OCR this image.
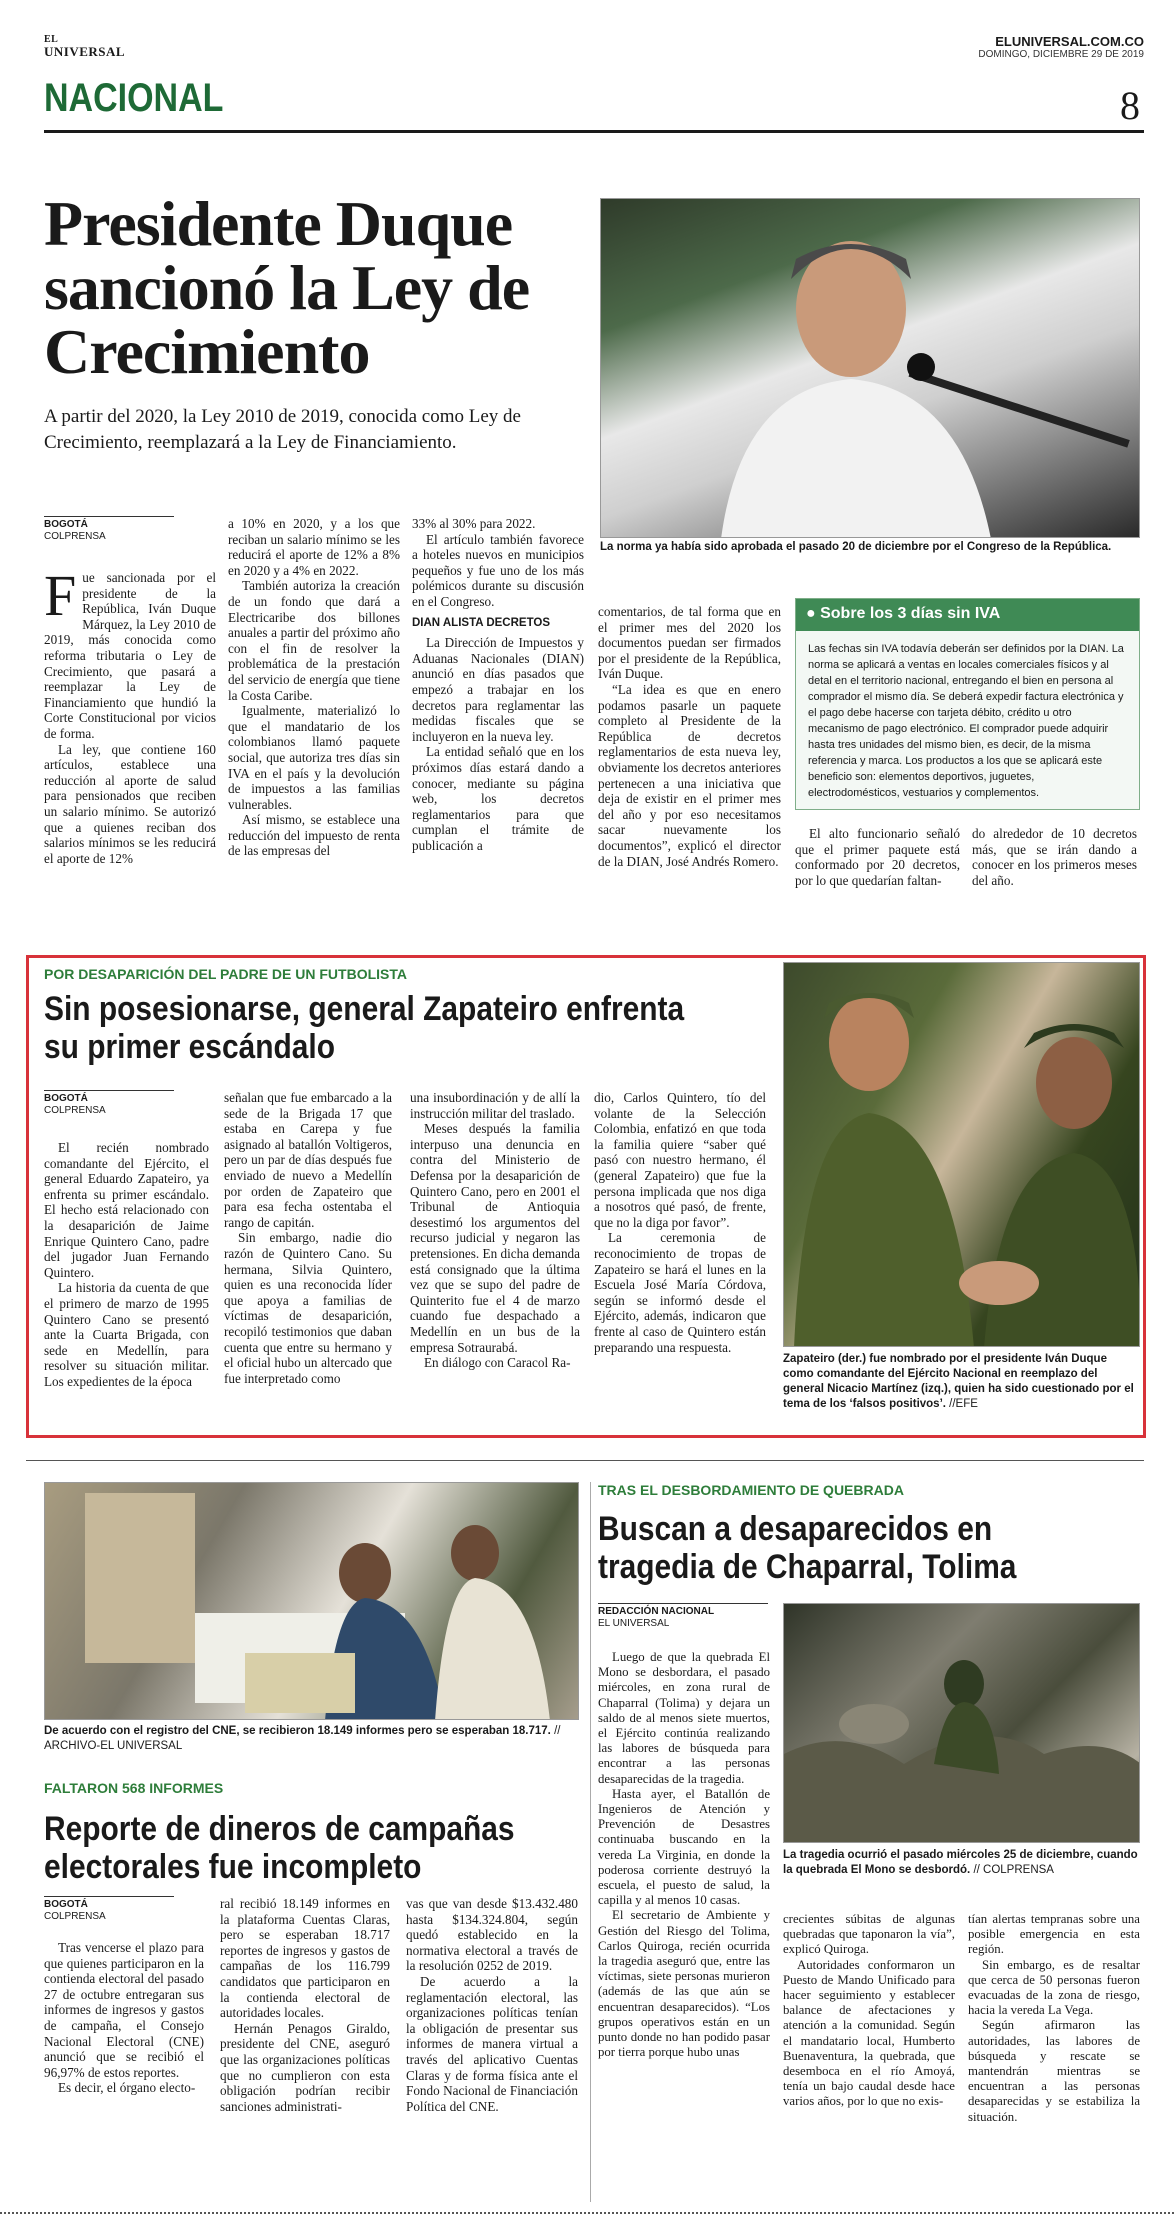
EL
UNIVERSAL
ELUNIVERSAL.COM.CO
DOMINGO, DICIEMBRE 29 DE 2019
NACIONAL	8
Presidente Duque sancionó la Ley de Crecimiento
A partir del 2020, la Ley 2010 de 2019, conocida como Ley de Crecimiento, reemplazará a la Ley de Financiamiento.
La norma ya había sido aprobada el pasado 20 de diciembre por el Congreso de la República.
BOGOTÁ
COLPRENSA

Fue sancionada por el presidente de la República, Iván Duque Márquez, la Ley 2010 de 2019, más conocida como reforma tributaria o Ley de Crecimiento, que pasará a reemplazar la Ley de Financiamiento que hundió la Corte Constitucional por vicios de forma.

La ley, que contiene 160 artículos, establece una reducción al aporte de salud para pensionados que reciben un salario mínimo. Se autorizó que a quienes reciban dos salarios mínimos se les reducirá el aporte de 12%

a 10% en 2020, y a los que reciban un salario mínimo se les reducirá el aporte de 12% a 8% en 2020 y a 4% en 2022.

También autoriza la creación de un fondo que dará a Electricaribe dos billones anuales a partir del próximo año con el fin de resolver la problemática de la prestación del servicio de energía que tiene la Costa Caribe.

Igualmente, materializó lo que el mandatario de los colombianos llamó paquete social, que autoriza tres días sin IVA en el país y la devolución de impuestos a las familias vulnerables.

Así mismo, se establece una reducción del impuesto de renta de las empresas del

33% al 30% para 2022.

El artículo también favorece a hoteles nuevos en municipios pequeños y fue uno de los más polémicos durante su discusión en el Congreso.

DIAN ALISTA DECRETOS

La Dirección de Impuestos y Aduanas Nacionales (DIAN) anunció en días pasados que empezó a trabajar en los decretos para reglamentar las medidas fiscales que se incluyeron en la nueva ley.

La entidad señaló que en los próximos días estará dando a conocer, mediante su página web, los decretos reglamentarios para que cumplan el trámite de publicación a

comentarios, de tal forma que en el primer mes del 2020 los documentos puedan ser firmados por el presidente de la República, Iván Duque.

“La idea es que en enero podamos pasarle un paquete completo al Presidente de la República de decretos reglamentarios de esta nueva ley, obviamente los decretos anteriores pertenecen a una iniciativa que deja de existir en el primer mes del año y por eso necesitamos sacar nuevamente los documentos”, explicó el director de la DIAN, José Andrés Romero.

● Sobre los 3 días sin IVA
Las fechas sin IVA todavía deberán ser definidos por la DIAN. La norma se aplicará a ventas en locales comerciales físicos y al detal en el territorio nacional, entregando el bien en persona al comprador el mismo día. Se deberá expedir factura electrónica y el pago debe hacerse con tarjeta débito, crédito u otro mecanismo de pago electrónico. El comprador puede adquirir hasta tres unidades del mismo bien, es decir, de la misma referencia y marca. Los productos a los que se aplicará este beneficio son: elementos deportivos, juguetes, electrodomésticos, vestuarios y complementos.

El alto funcionario señaló que el primer paquete está conformado por 20 decretos, por lo que quedarían faltan-

do alrededor de 10 decretos más, que se irán dando a conocer en los primeros meses del año.

POR DESAPARICIÓN DEL PADRE DE UN FUTBOLISTA
Sin posesionarse, general Zapateiro enfrenta su primer escándalo
BOGOTÁ
COLPRENSA

El recién nombrado comandante del Ejército, el general Eduardo Zapateiro, ya enfrenta su primer escándalo. El hecho está relacionado con la desaparición de Jaime Enrique Quintero Cano, padre del jugador Juan Fernando Quintero.

La historia da cuenta de que el primero de marzo de 1995 Quintero Cano se presentó ante la Cuarta Brigada, con sede en Medellín, para resolver su situación militar. Los expedientes de la época

señalan que fue embarcado a la sede de la Brigada 17 que estaba en Carepa y fue asignado al batallón Voltigeros, pero un par de días después fue enviado de nuevo a Medellín por orden de Zapateiro que para esa fecha ostentaba el rango de capitán.

Sin embargo, nadie dio razón de Quintero Cano. Su hermana, Silvia Quintero, quien es una reconocida líder que apoya a familias de víctimas de desaparición, recopiló testimonios que daban cuenta que entre su hermano y el oficial hubo un altercado que fue interpretado como

una insubordinación y de allí la instrucción militar del traslado.

Meses después la familia interpuso una denuncia en contra del Ministerio de Defensa por la desaparición de Quintero Cano, pero en 2001 el Tribunal de Antioquia desestimó los argumentos del recurso judicial y negaron las pretensiones. En dicha demanda está consignado que la última vez que se supo del padre de Quinterito fue el 4 de marzo cuando fue despachado a Medellín en un bus de la empresa Sotraurabá.

En diálogo con Caracol Ra-

dio, Carlos Quintero, tío del volante de la Selección Colombia, enfatizó en que toda la familia quiere “saber qué pasó con nuestro hermano, él (general Zapateiro) que fue la persona implicada que nos diga a nosotros qué pasó, de frente, que no la diga por favor”.

La ceremonia de reconocimiento de tropas de Zapateiro se hará el lunes en la Escuela José María Córdova, según se informó desde el Ejército, además, indicaron que frente al caso de Quintero están preparando una respuesta.

Zapateiro (der.) fue nombrado por el presidente Iván Duque como comandante del Ejército Nacional en reemplazo del general Nicacio Martínez (izq.), quien ha sido cuestionado por el tema de los ‘falsos positivos’. //EFE
De acuerdo con el registro del CNE, se recibieron 18.149 informes pero se esperaban 18.717. // ARCHIVO-EL UNIVERSAL
FALTARON 568 INFORMES
Reporte de dineros de campañas electorales fue incompleto
BOGOTÁ
COLPRENSA

Tras vencerse el plazo para que quienes participaron en la contienda electoral del pasado 27 de octubre entregaran sus informes de ingresos y gastos de campaña, el Consejo Nacional Electoral (CNE) anunció que se recibió el 96,97% de estos reportes.

Es decir, el órgano electo-

ral recibió 18.149 informes en la plataforma Cuentas Claras, pero se esperaban 18.717 reportes de ingresos y gastos de campañas de los 116.799 candidatos que participaron en la contienda electoral de autoridades locales.

Hernán Penagos Giraldo, presidente del CNE, aseguró que las organizaciones políticas que no cumplieron con esta obligación podrían recibir sanciones administrati-

vas que van desde $13.432.480 hasta $134.324.804, según quedó establecido en la normativa electoral a través de la resolución 0252 de 2019.

De acuerdo a la reglamentación electoral, las organizaciones políticas tenían la obligación de presentar sus informes de manera virtual a través del aplicativo Cuentas Claras y de forma física ante el Fondo Nacional de Financiación Política del CNE.

TRAS EL DESBORDAMIENTO DE QUEBRADA
Buscan a desaparecidos en tragedia de Chaparral, Tolima
REDACCIÓN NACIONAL
EL UNIVERSAL

Luego de que la quebrada El Mono se desbordara, el pasado miércoles, en zona rural de Chaparral (Tolima) y dejara un saldo de al menos siete muertos, el Ejército continúa realizando las labores de búsqueda para encontrar a las personas desaparecidas de la tragedia.

Hasta ayer, el Batallón de Ingenieros de Atención y Prevención de Desastres continuaba buscando en la vereda La Virginia, en donde la poderosa corriente destruyó la escuela, el puesto de salud, la capilla y al menos 10 casas.

El secretario de Ambiente y Gestión del Riesgo del Tolima, Carlos Quiroga, recién ocurrida la tragedia aseguró que, entre las víctimas, siete personas murieron (además de las que aún se encuentran desaparecidos). “Los grupos operativos están en un punto donde no han podido pasar por tierra porque hubo unas

La tragedia ocurrió el pasado miércoles 25 de diciembre, cuando la quebrada El Mono se desbordó. // COLPRENSA

crecientes súbitas de algunas quebradas que taponaron la vía”, explicó Quiroga.

Autoridades conformaron un Puesto de Mando Unificado para hacer seguimiento y establecer balance de afectaciones y atención a la comunidad. Según el mandatario local, Humberto Buenaventura, la quebrada, que desemboca en el río Amoyá, tenía un bajo caudal desde hace varios años, por lo que no exis-

tían alertas tempranas sobre una posible emergencia en esta región.

Sin embargo, es de resaltar que cerca de 50 personas fueron evacuadas de la zona de riesgo, hacia la vereda La Vega.

Según afirmaron las autoridades, las labores de búsqueda y rescate se mantendrán mientras se encuentran a las personas desaparecidas y se estabiliza la situación.
